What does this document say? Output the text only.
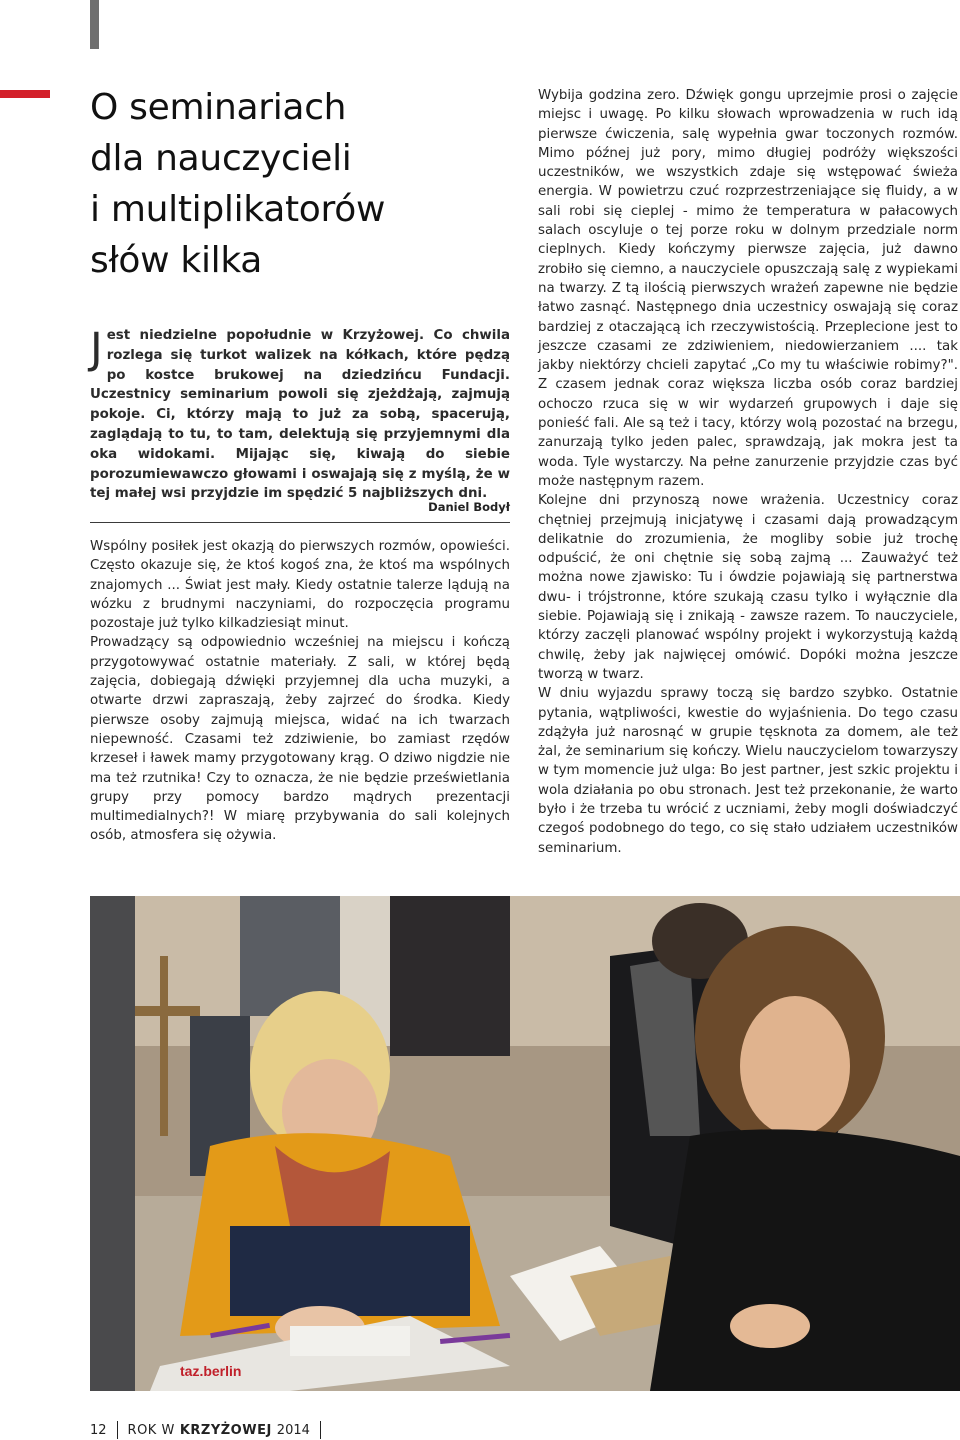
O seminariach
dla nauczycieli
i multiplikatorów
słów kilka

Jest niedzielne popołudnie w Krzyżowej. Co chwila rozlega się turkot walizek na kółkach, które pędzą po kostce brukowej na dziedzińcu Fundacji. Uczestnicy seminarium powoli się zjeżdżają, zajmują pokoje. Ci, którzy mają to już za sobą, spacerują, zaglądają to tu, to tam, delektują się przyjemnymi dla oka widokami. Mijając się, kiwają do siebie porozumiewawczo głowami i oswajają się z myślą, że w tej małej wsi przyjdzie im spędzić 5 najbliższych dni.

Daniel Bodył

Wspólny posiłek jest okazją do pierwszych rozmów, opowieści. Często okazuje się, że ktoś kogoś zna, że ktoś ma wspólnych znajomych ... Świat jest mały. Kiedy ostatnie talerze lądują na wózku z brudnymi naczyniami, do rozpoczęcia programu pozostaje już tylko kilkadziesiąt minut.

Prowadzący są odpowiednio wcześniej na miejscu i kończą przygotowywać ostatnie materiały. Z sali, w której będą zajęcia, dobiegają dźwięki przyjemnej dla ucha muzyki, a otwarte drzwi zapraszają, żeby zajrzeć do środka. Kiedy pierwsze osoby zajmują miejsca, widać na ich twarzach niepewność. Czasami też zdziwienie, bo zamiast rzędów krzeseł i ławek mamy przygotowany krąg. O dziwo nigdzie nie ma też rzutnika! Czy to oznacza, że nie będzie prześwietlania grupy przy pomocy bardzo mądrych prezentacji multimedialnych?! W miarę przybywania do sali kolejnych osób, atmosfera się ożywia.

Wybija godzina zero. Dźwięk gongu uprzejmie prosi o zajęcie miejsc i uwagę. Po kilku słowach wprowadzenia w ruch idą pierwsze ćwiczenia, salę wypełnia gwar toczonych rozmów. Mimo późnej już pory, mimo długiej podróży większości uczestników, we wszystkich zdaje się wstępować świeża energia. W powietrzu czuć rozprzestrzeniające się fluidy, a w sali robi się cieplej - mimo że temperatura w pałacowych salach oscyluje o tej porze roku w dolnym przedziale norm cieplnych. Kiedy kończymy pierwsze zajęcia, już dawno zrobiło się ciemno, a nauczyciele opuszczają salę z wypiekami na twarzy. Z tą ilością pierwszych wrażeń zapewne nie będzie łatwo zasnąć. Następnego dnia uczestnicy oswajają się coraz bardziej z otaczającą ich rzeczywistością. Przeplecione jest to jeszcze czasami ze zdziwieniem, niedowierzaniem .... tak jakby niektórzy chcieli zapytać „Co my tu właściwie robimy?". Z czasem jednak coraz większa liczba osób coraz bardziej ochoczo rzuca się w wir wydarzeń grupowych i daje się ponieść fali. Ale są też i tacy, którzy wolą pozostać na brzegu, zanurzają tylko jeden palec, sprawdzają, jak mokra jest ta woda. Tyle wystarczy. Na pełne zanurzenie przyjdzie czas być może następnym razem.

Kolejne dni przynoszą nowe wrażenia. Uczestnicy coraz chętniej przejmują inicjatywę i czasami dają prowadzącym delikatnie do zrozumienia, że mogliby sobie już trochę odpuścić, że oni chętnie się sobą zajmą ... Zauważyć też można nowe zjawisko: Tu i ówdzie pojawiają się partnerstwa dwu- i trójstronne, które szukają czasu tylko i wyłącznie dla siebie. Pojawiają się i znikają - zawsze razem. To nauczyciele, którzy zaczęli planować wspólny projekt i wykorzystują każdą chwilę, żeby jak najwięcej omówić. Dopóki można jeszcze tworzą w twarz.

W dniu wyjazdu sprawy toczą się bardzo szybko. Ostatnie pytania, wątpliwości, kwestie do wyjaśnienia. Do tego czasu zdążyła już narosnąć w grupie tęsknota za domem, ale też żal, że seminarium się kończy. Wielu nauczycielom towarzyszy w tym momencie już ulga: Bo jest partner, jest szkic projektu i wola działania po obu stronach. Jest też przekonanie, że warto było i że trzeba tu wrócić z uczniami, żeby mogli doświadczyć czegoś podobnego do tego, co się stało udziałem uczestników seminarium.

taz.berlin
12 ROK W KRZYŻOWEJ 2014
